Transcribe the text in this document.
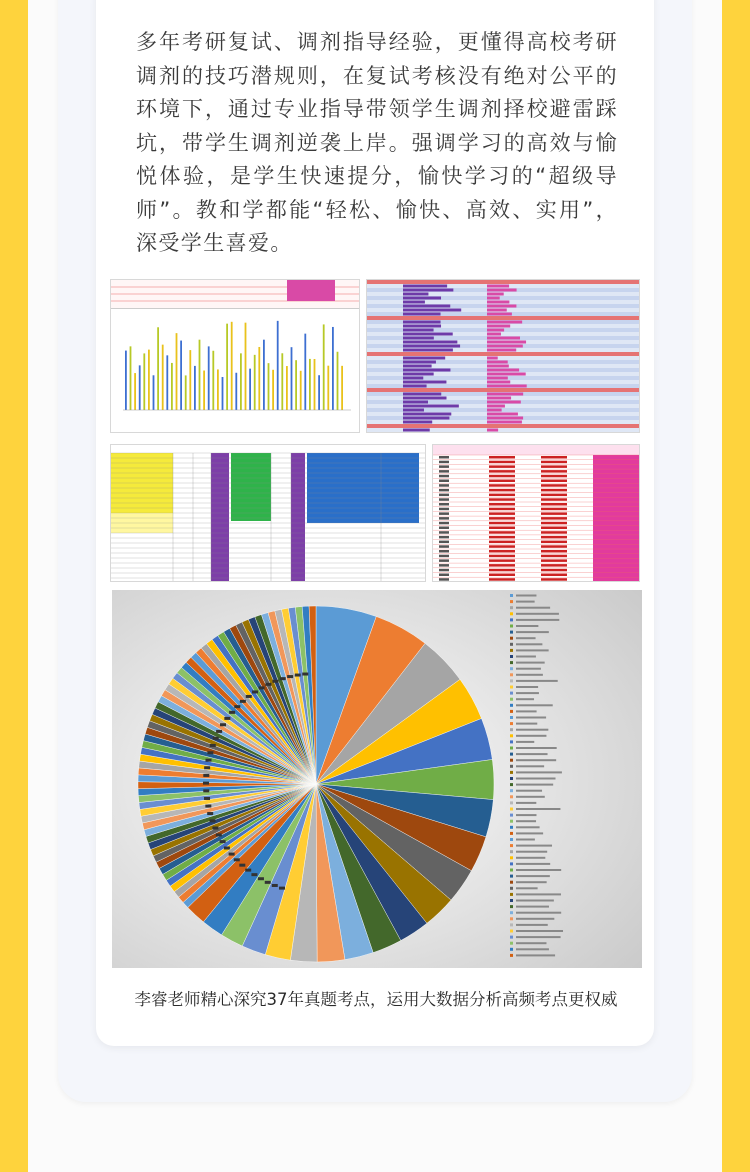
多年考研复试、调剂指导经验，更懂得高校考研调剂的技巧潜规则，在复试考核没有绝对公平的环境下，通过专业指导带领学生调剂择校避雷踩坑，带学生调剂逆袭上岸。强调学习的高效与愉悦体验，是学生快速提分，愉快学习的“超级导师”。教和学都能“轻松、愉快、高效、实用”，深受学生喜爱。
李睿老师精心深究37年真题考点，运用大数据分析高频考点更权威
